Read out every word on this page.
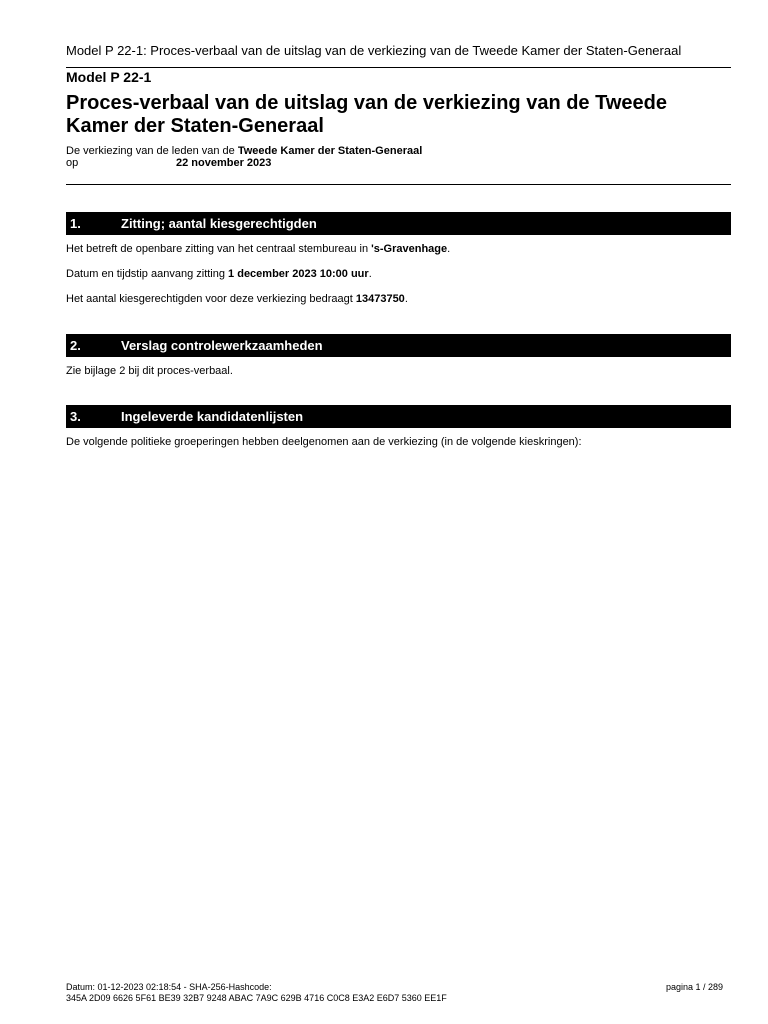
Model P 22-1: Proces-verbaal van de uitslag van de verkiezing van de Tweede Kamer der Staten-Generaal
Model P 22-1
Proces-verbaal van de uitslag van de verkiezing van de Tweede Kamer der Staten-Generaal
De verkiezing van de leden van de Tweede Kamer der Staten-Generaal
op	22 november 2023
1.	Zitting; aantal kiesgerechtigden
Het betreft de openbare zitting van het centraal stembureau in 's-Gravenhage.
Datum en tijdstip aanvang zitting 1 december 2023 10:00 uur.
Het aantal kiesgerechtigden voor deze verkiezing bedraagt 13473750.
2.	Verslag controlewerkzaamheden
Zie bijlage 2 bij dit proces-verbaal.
3.	Ingeleverde kandidatenlijsten
De volgende politieke groeperingen hebben deelgenomen aan de verkiezing (in de volgende kieskringen):
Datum: 01-12-2023 02:18:54 - SHA-256-Hashcode:
345A 2D09 6626 5F61 BE39 32B7 9248 ABAC 7A9C 629B 4716 C0C8 E3A2 E6D7 5360 EE1F
pagina 1 / 289
